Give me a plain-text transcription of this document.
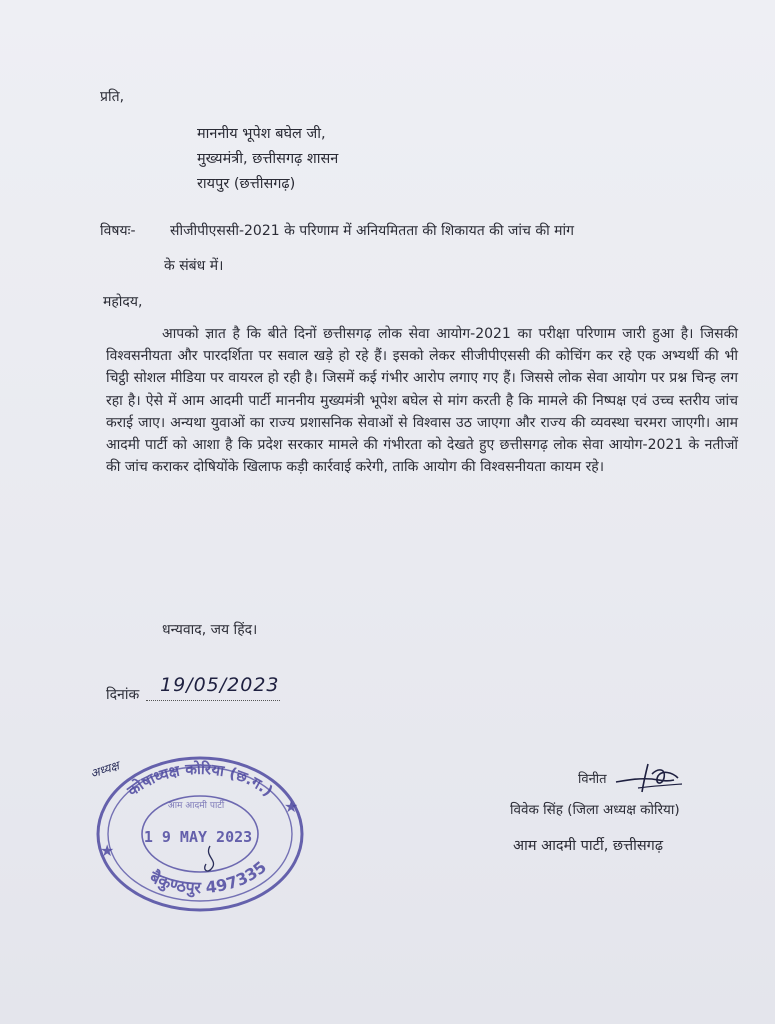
प्रति,
माननीय भूपेश बघेल जी,
मुख्यमंत्री, छत्तीसगढ़ शासन
रायपुर (छत्तीसगढ़)
विषयः- सीजीपीएससी-2021 के परिणाम में अनियमितता की शिकायत की जांच की मांग
के संबंध में।
महोदय,
आपको ज्ञात है कि बीते दिनों छत्तीसगढ़ लोक सेवा आयोग-2021 का परीक्षा परिणाम जारी हुआ है। जिसकी विश्वसनीयता और पारदर्शिता पर सवाल खड़े हो रहे हैं। इसको लेकर सीजीपीएससी की कोचिंग कर रहे एक अभ्यर्थी की भी चिट्ठी सोशल मीडिया पर वायरल हो रही है। जिसमें कई गंभीर आरोप लगाए गए हैं। जिससे लोक सेवा आयोग पर प्रश्न चिन्ह लग रहा है। ऐसे में आम आदमी पार्टी माननीय मुख्यमंत्री भूपेश बघेल से मांग करती है कि मामले की निष्पक्ष एवं उच्च स्तरीय जांच कराई जाए। अन्यथा युवाओं का राज्य प्रशासनिक सेवाओं से विश्वास उठ जाएगा और राज्य की व्यवस्था चरमरा जाएगी। आम आदमी पार्टी को आशा है कि प्रदेश सरकार मामले की गंभीरता को देखते हुए छत्तीसगढ़ लोक सेवा आयोग-2021 के नतीजों की जांच कराकर दोषियोंके खिलाफ कड़ी कार्रवाई करेगी, ताकि आयोग की विश्वसनीयता कायम रहे।
धन्यवाद, जय हिंद।
दिनांक 19/05/2023
विनीत
विवेक सिंह (जिला अध्यक्ष कोरिया)
आम आदमी पार्टी, छत्तीसगढ़
कोषाध्यक्ष कोरिया (छ.ग.)
बैकुण्ठपुर 497335
आम आदमी पार्टी
1 9 MAY 2023
★
★
अध्यक्ष
